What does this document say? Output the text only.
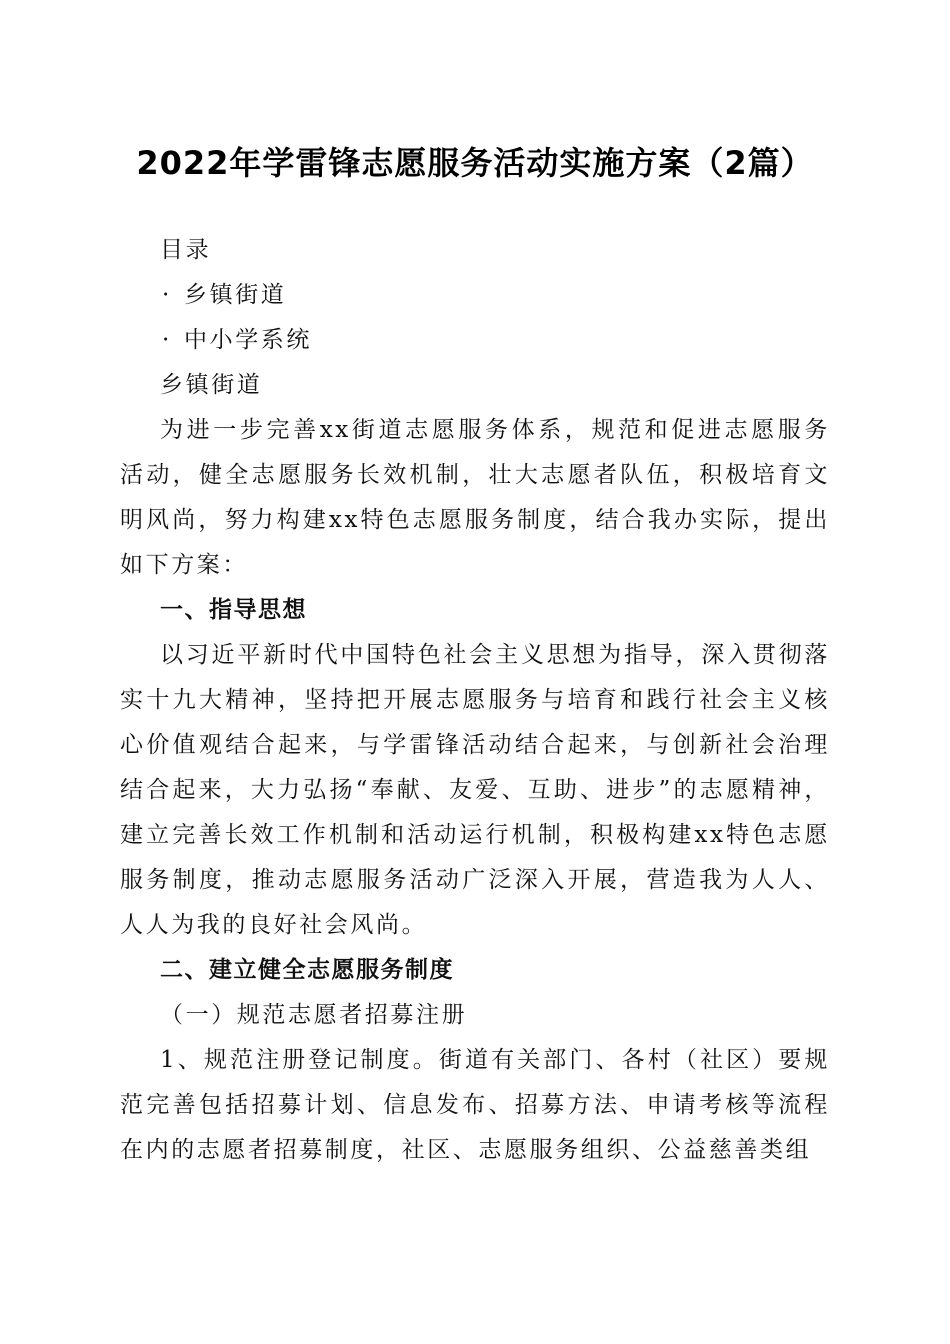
2022年学雷锋志愿服务活动实施方案（2篇）

目录

· 乡镇街道

· 中小学系统

乡镇街道

为进一步完善xx街道志愿服务体系，规范和促进志愿服务活动，健全志愿服务长效机制，壮大志愿者队伍，积极培育文明风尚，努力构建xx特色志愿服务制度，结合我办实际，提出如下方案：

一、指导思想

以习近平新时代中国特色社会主义思想为指导，深入贯彻落实十九大精神，坚持把开展志愿服务与培育和践行社会主义核心价值观结合起来，与学雷锋活动结合起来，与创新社会治理结合起来，大力弘扬“奉献、友爱、互助、进步”的志愿精神，建立完善长效工作机制和活动运行机制，积极构建xx特色志愿服务制度，推动志愿服务活动广泛深入开展，营造我为人人、人人为我的良好社会风尚。

二、建立健全志愿服务制度

（一）规范志愿者招募注册

1、规范注册登记制度。街道有关部门、各村（社区）要规范完善包括招募计划、信息发布、招募方法、申请考核等流程在内的志愿者招募制度，社区、志愿服务组织、公益慈善类组
